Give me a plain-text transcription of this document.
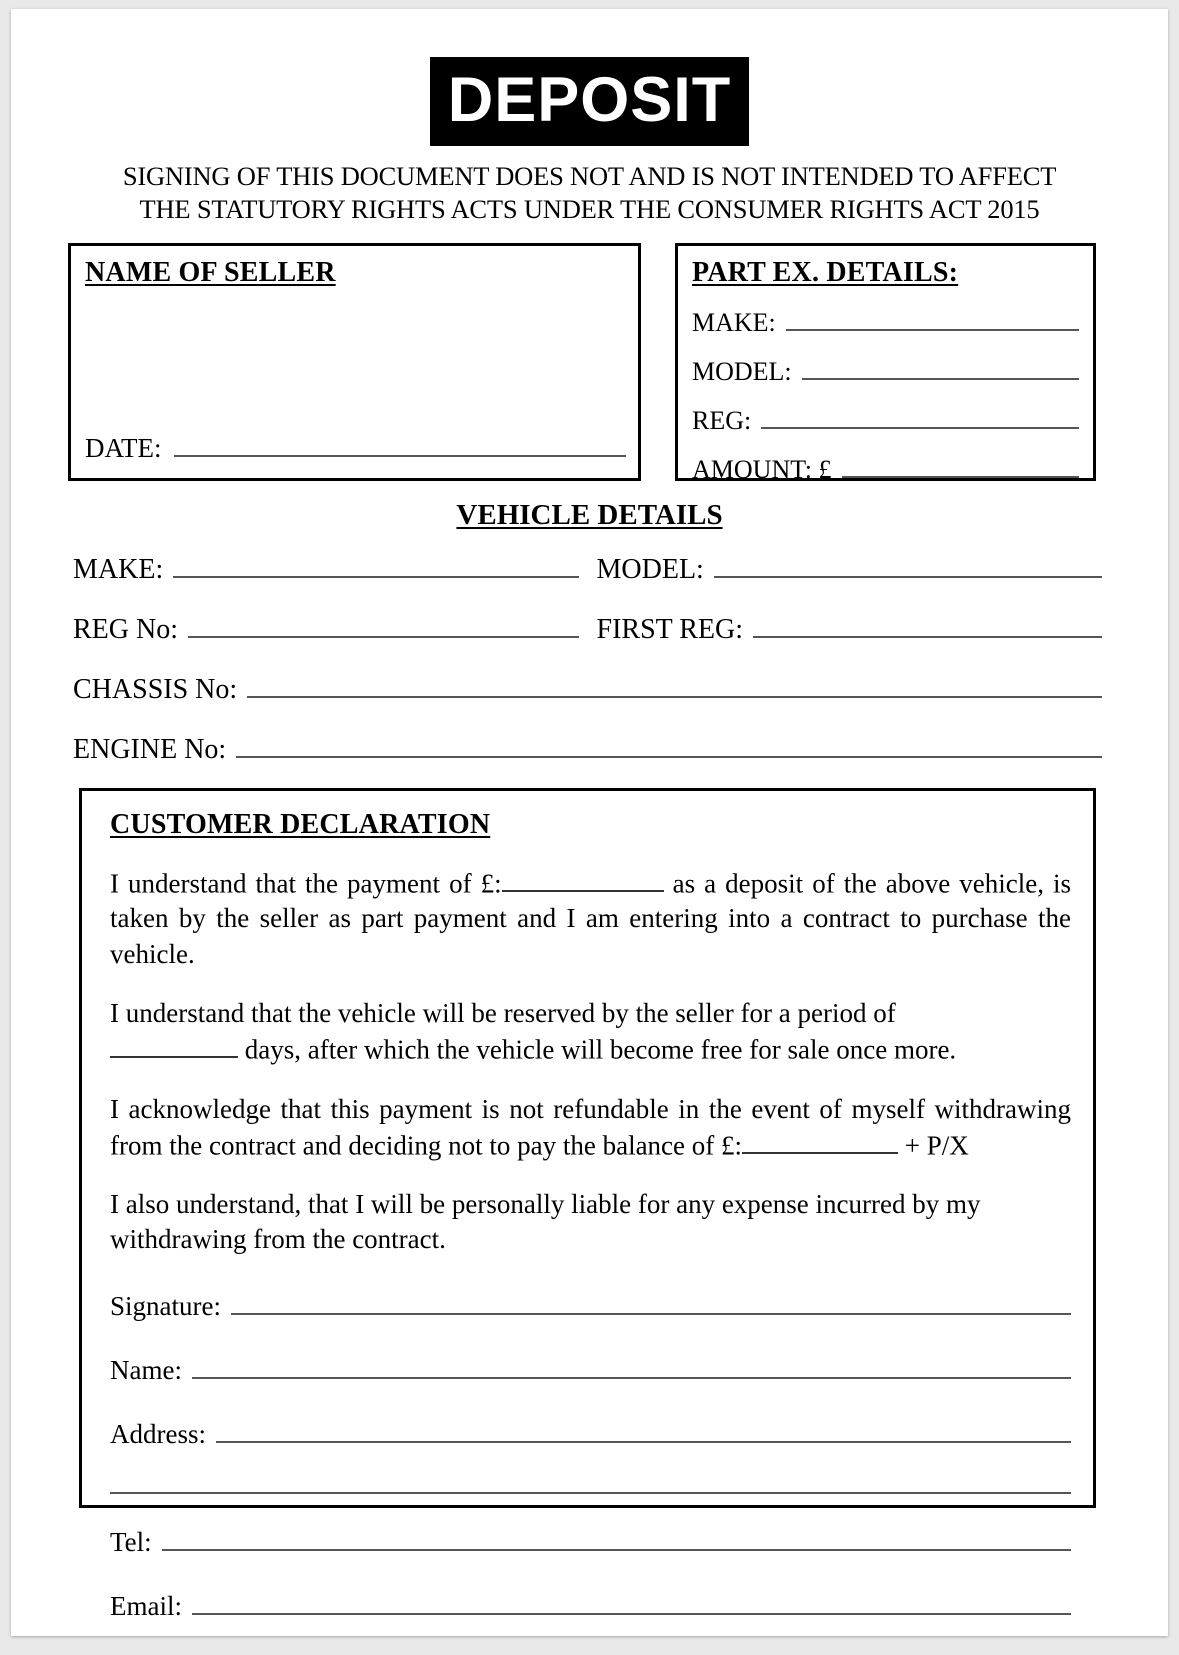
DEPOSIT
SIGNING OF THIS DOCUMENT DOES NOT AND IS NOT INTENDED TO AFFECT
THE STATUTORY RIGHTS ACTS UNDER THE CONSUMER RIGHTS ACT 2015
NAME OF SELLER
DATE:
PART EX. DETAILS:
MAKE:
MODEL:
REG:
AMOUNT: £
VEHICLE DETAILS
MAKE:	MODEL:
REG No:	FIRST REG:
CHASSIS No:
ENGINE No:
CUSTOMER DECLARATION
I understand that the payment of £:	as a deposit of the above vehicle, is taken by the seller as part payment and I am entering into a contract to purchase the vehicle.
I understand that the vehicle will be reserved by the seller for a period of
days, after which the vehicle will become free for sale once more.
I acknowledge that this payment is not refundable in the event of myself withdrawing from the contract and deciding not to pay the balance of £:	+ P/X
I also understand, that I will be personally liable for any expense incurred by my withdrawing from the contract.
Signature:
Name:
Address:
Tel:
Email:
